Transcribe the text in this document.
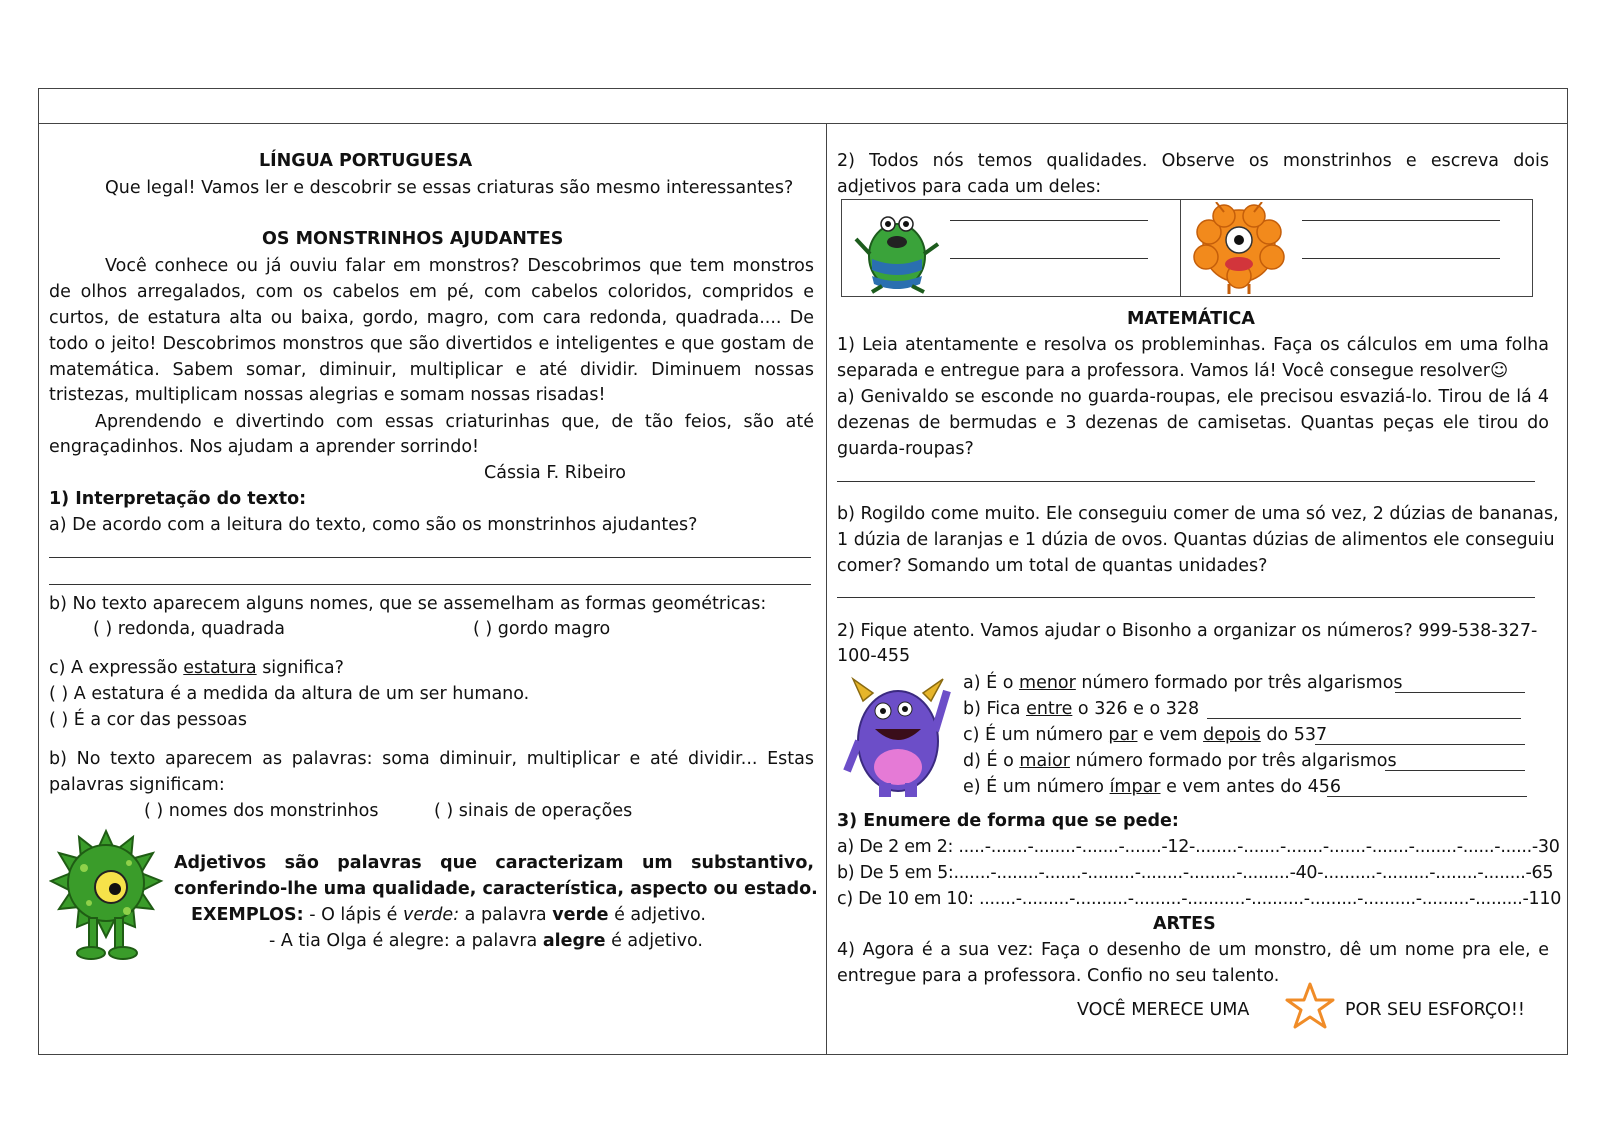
LÍNGUA PORTUGUESA
Que legal! Vamos ler e descobrir se essas criaturas são mesmo interessantes?
OS MONSTRINHOS AJUDANTES
Você conhece ou já ouviu falar em monstros? Descobrimos que tem monstros
de olhos arregalados, com os cabelos em pé, com cabelos coloridos, compridos e
curtos, de estatura alta ou baixa, gordo, magro, com cara redonda, quadrada.... De
todo o jeito! Descobrimos monstros que são divertidos e inteligentes e que gostam de
matemática. Sabem somar, diminuir, multiplicar e até dividir. Diminuem nossas
tristezas, multiplicam nossas alegrias e somam nossas risadas!
Aprendendo e divertindo com essas criaturinhas que, de tão feios, são até
engraçadinhos. Nos ajudam a aprender sorrindo!
Cássia F. Ribeiro
1) Interpretação do texto:
a) De acordo com a leitura do texto, como são os monstrinhos ajudantes?
b) No texto aparecem alguns nomes, que se assemelham as formas geométricas:
( ) redonda, quadrada	( ) gordo magro
c) A expressão estatura significa?
( ) A estatura é a medida da altura de um ser humano.
( ) É a cor das pessoas
b) No texto aparecem as palavras: soma diminuir, multiplicar e até dividir... Estas
palavras significam:
( ) nomes dos monstrinhos	( ) sinais de operações
Adjetivos são palavras que caracterizam um substantivo,
conferindo-lhe uma qualidade, característica, aspecto ou estado.
EXEMPLOS: - O lápis é verde: a palavra verde é adjetivo.
- A tia Olga é alegre: a palavra alegre é adjetivo.
2) Todos nós temos qualidades. Observe os monstrinhos e escreva dois
adjetivos para cada um deles:
MATEMÁTICA
1) Leia atentamente e resolva os probleminhas. Faça os cálculos em uma folha
separada e entregue para a professora. Vamos lá! Você consegue resolver☺
a) Genivaldo se esconde no guarda-roupas, ele precisou esvaziá-lo. Tirou de lá 4
dezenas de bermudas e 3 dezenas de camisetas. Quantas peças ele tirou do
guarda-roupas?
b) Rogildo come muito. Ele conseguiu comer de uma só vez, 2 dúzias de bananas,
1 dúzia de laranjas e 1 dúzia de ovos. Quantas dúzias de alimentos ele conseguiu
comer? Somando um total de quantas unidades?
2) Fique atento. Vamos ajudar o Bisonho a organizar os números? 999-538-327-
100-455
a) É o menor número formado por três algarismos
b) Fica entre o 326 e o 328
c) É um número par e vem depois do 537
d) É o maior número formado por três algarismos
e) É um número ímpar e vem antes do 456
3) Enumere de forma que se pede:
a) De 2 em 2: .....-.......-........-.......-.......-12-........-.......-.......-.......-.......-........-......-......-30
b) De 5 em 5:.......-........-.......-.........-........-.........-.........-40-..........-.........-........-........-65
c) De 10 em 10: .......-.........-..........-.........-...........-..........-.........-..........-.........-.........-110
ARTES
4) Agora é a sua vez: Faça o desenho de um monstro, dê um nome pra ele, e
entregue para a professora. Confio no seu talento.
VOCÊ MERECE UMA	POR SEU ESFORÇO!!
